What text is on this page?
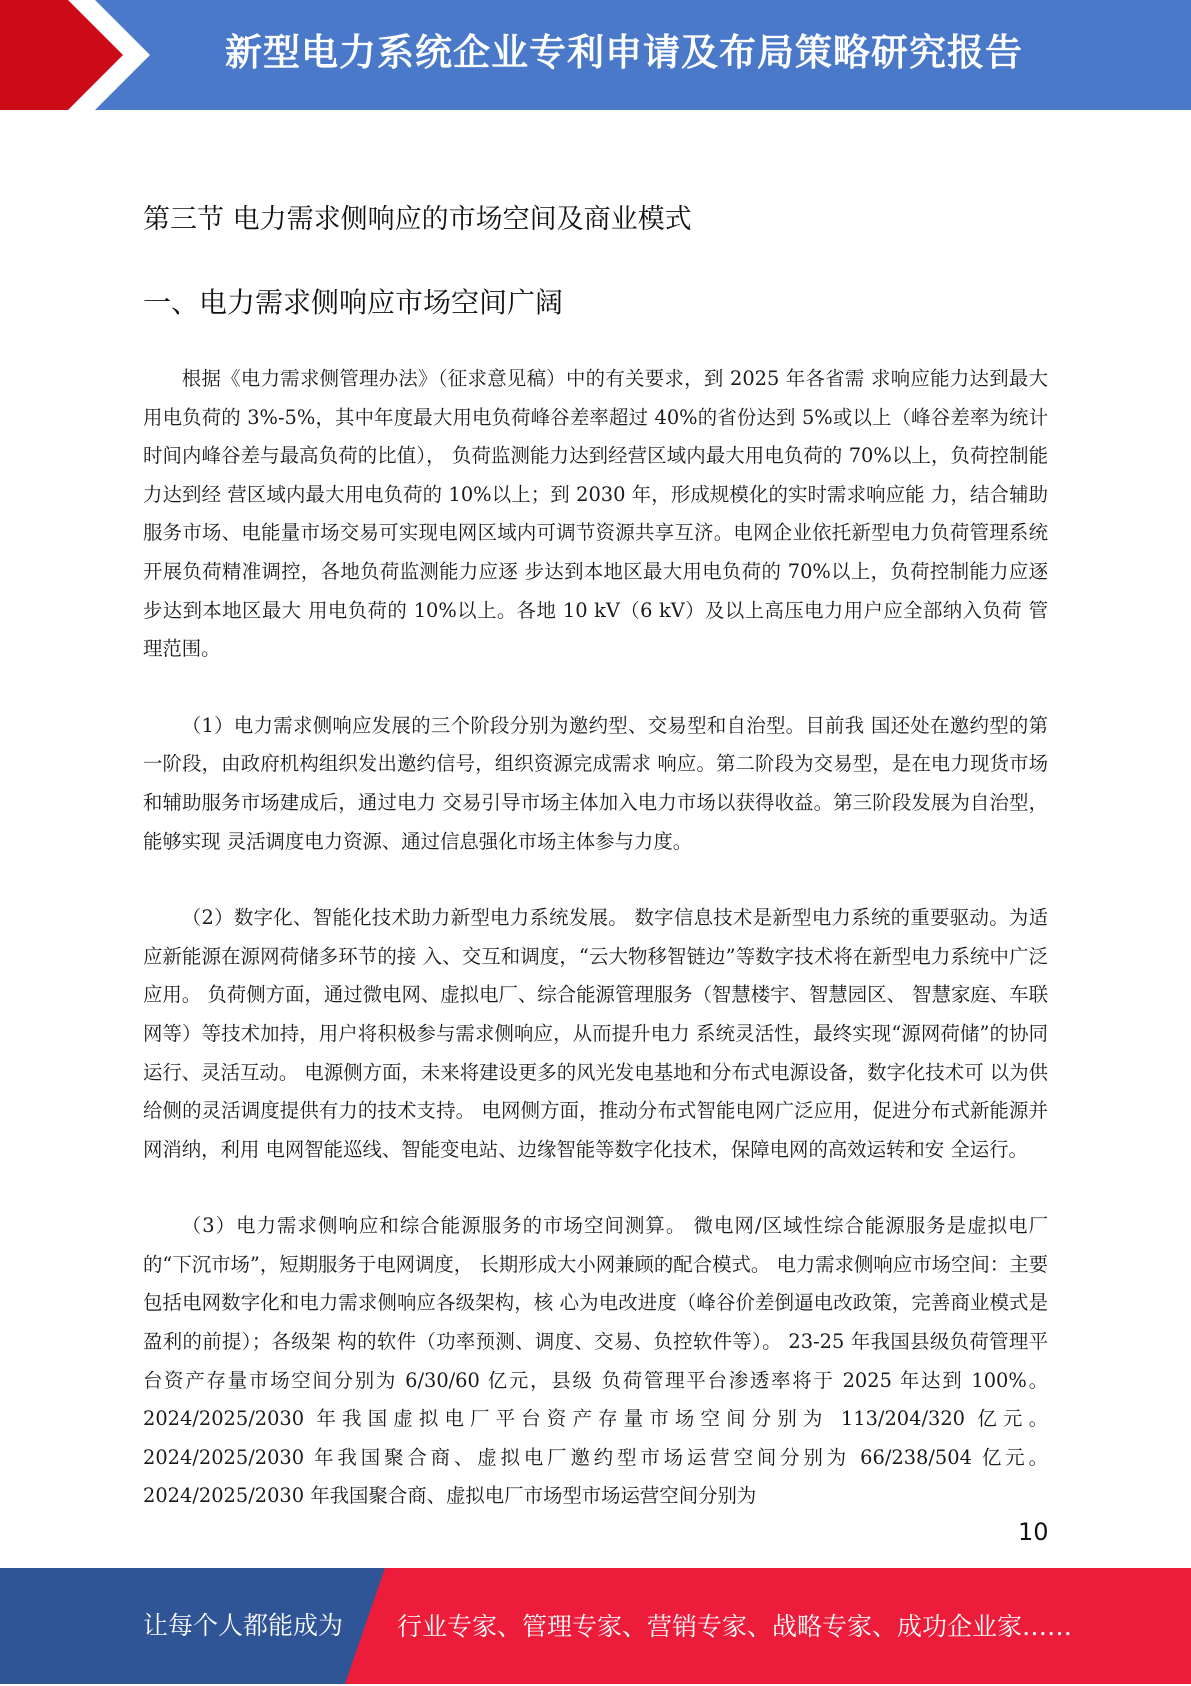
新型电力系统企业专利申请及布局策略研究报告
第三节 电力需求侧响应的市场空间及商业模式
一、电力需求侧响应市场空间广阔

根据《电力需求侧管理办法》（征求意见稿）中的有关要求，到 2025 年各省需 求响应能力达到最大用电负荷的 3%-5%，其中年度最大用电负荷峰谷差率超过 40%的省份达到 5%或以上（峰谷差率为统计时间内峰谷差与最高负荷的比值）， 负荷监测能力达到经营区域内最大用电负荷的 70%以上，负荷控制能力达到经 营区域内最大用电负荷的 10%以上；到 2030 年，形成规模化的实时需求响应能 力，结合辅助服务市场、电能量市场交易可实现电网区域内可调节资源共享互济。电网企业依托新型电力负荷管理系统开展负荷精准调控，各地负荷监测能力应逐 步达到本地区最大用电负荷的 70%以上，负荷控制能力应逐步达到本地区最大 用电负荷的 10%以上。各地 10 kV（6 kV）及以上高压电力用户应全部纳入负荷 管理范围。

（1）电力需求侧响应发展的三个阶段分别为邀约型、交易型和自治型。目前我 国还处在邀约型的第一阶段，由政府机构组织发出邀约信号，组织资源完成需求 响应。第二阶段为交易型，是在电力现货市场和辅助服务市场建成后，通过电力 交易引导市场主体加入电力市场以获得收益。第三阶段发展为自治型，能够实现 灵活调度电力资源、通过信息强化市场主体参与力度。

（2）数字化、智能化技术助力新型电力系统发展。 数字信息技术是新型电力系统的重要驱动。为适应新能源在源网荷储多环节的接 入、交互和调度，“云大物移智链边”等数字技术将在新型电力系统中广泛应用。 负荷侧方面，通过微电网、虚拟电厂、综合能源管理服务（智慧楼宇、智慧园区、 智慧家庭、车联网等）等技术加持，用户将积极参与需求侧响应，从而提升电力 系统灵活性，最终实现“源网荷储”的协同运行、灵活互动。 电源侧方面，未来将建设更多的风光发电基地和分布式电源设备，数字化技术可 以为供给侧的灵活调度提供有力的技术支持。 电网侧方面，推动分布式智能电网广泛应用，促进分布式新能源并网消纳，利用 电网智能巡线、智能变电站、边缘智能等数字化技术，保障电网的高效运转和安 全运行。

（3）电力需求侧响应和综合能源服务的市场空间测算。 微电网/区域性综合能源服务是虚拟电厂的“下沉市场”，短期服务于电网调度， 长期形成大小网兼顾的配合模式。 电力需求侧响应市场空间：主要包括电网数字化和电力需求侧响应各级架构，核 心为电改进度（峰谷价差倒逼电改政策，完善商业模式是盈利的前提）；各级架 构的软件（功率预测、调度、交易、负控软件等）。 23-25 年我国县级负荷管理平台资产存量市场空间分别为 6/30/60 亿元，县级 负荷管理平台渗透率将于 2025 年达到 100%。 2024/2025/2030 年我国虚拟电厂平台资产存量市场空间分别为 113/204/320 亿元。 2024/2025/2030 年我国聚合商、虚拟电厂邀约型市场运营空间分别为 66/238/504 亿元。 2024/2025/2030 年我国聚合商、虚拟电厂市场型市场运营空间分别为

10
让每个人都能成为 行业专家、管理专家、营销专家、战略专家、成功企业家……
